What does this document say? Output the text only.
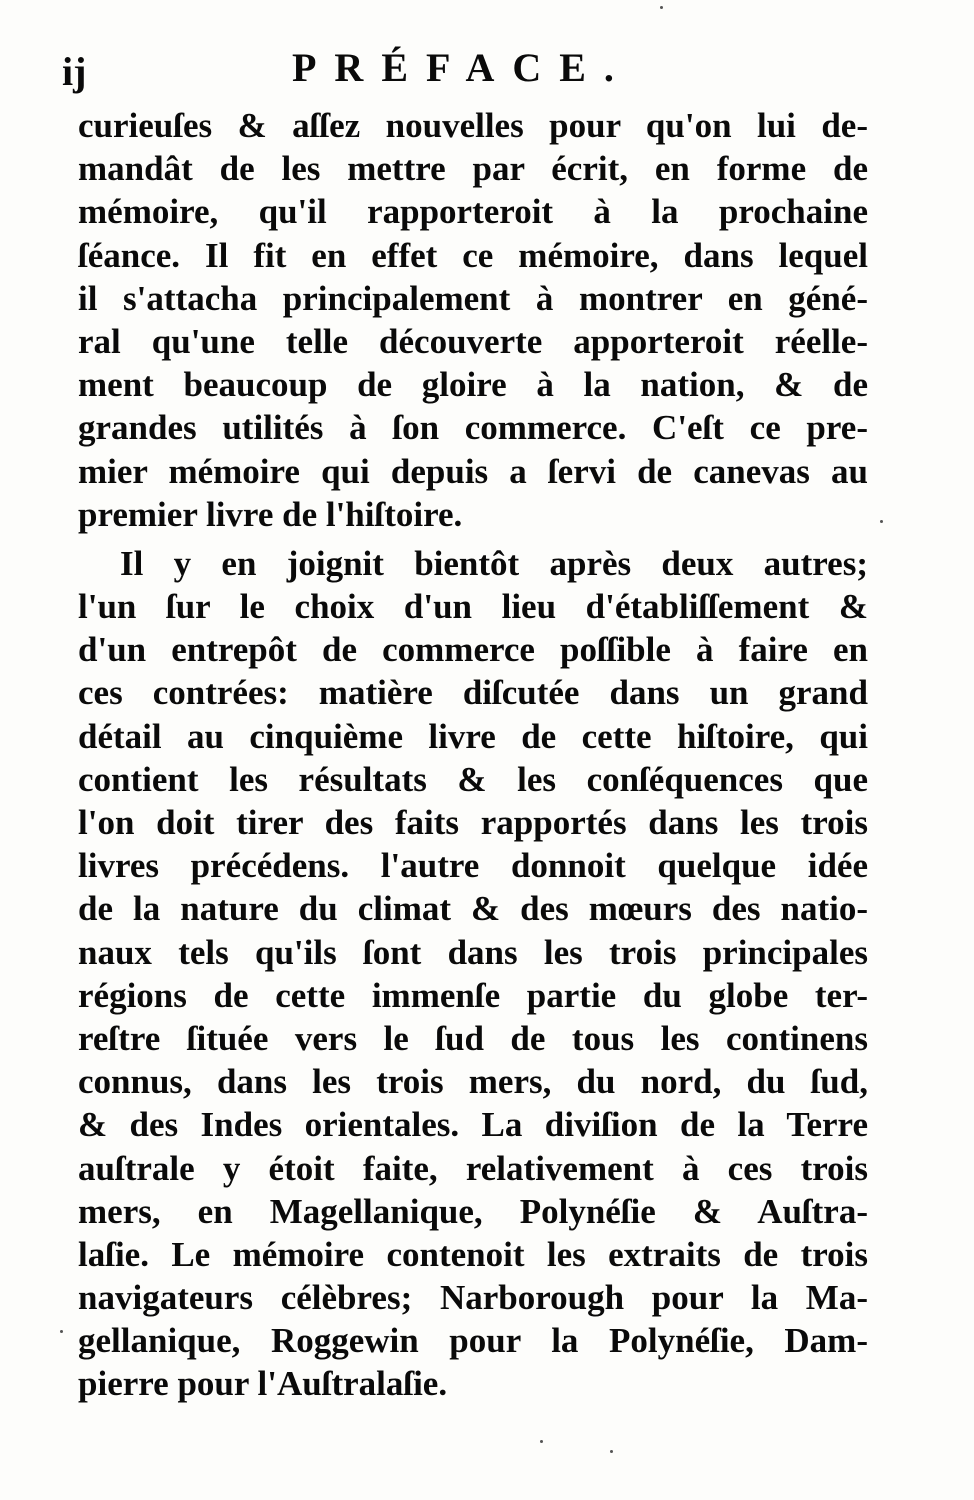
ij	PRÉFACE.
curieuſes & aſſez nouvelles pour qu'on lui de-
mandât de les mettre par écrit, en forme de
mémoire, qu'il rapporteroit à la prochaine
ſéance. Il fit en effet ce mémoire, dans lequel
il s'attacha principalement à montrer en géné-
ral qu'une telle découverte apporteroit réelle-
ment beaucoup de gloire à la nation, & de
grandes utilités à ſon commerce. C'eſt ce pre-
mier mémoire qui depuis a ſervi de canevas au
premier livre de l'hiſtoire.
Il y en joignit bientôt après deux autres;
l'un ſur le choix d'un lieu d'établiſſement &
d'un entrepôt de commerce poſſible à faire en
ces contrées: matière diſcutée dans un grand
détail au cinquième livre de cette hiſtoire, qui
contient les résultats & les conſéquences que
l'on doit tirer des faits rapportés dans les trois
livres précédens. l'autre donnoit quelque idée
de la nature du climat & des mœurs des natio-
naux tels qu'ils ſont dans les trois principales
régions de cette immenſe partie du globe ter-
reſtre ſituée vers le ſud de tous les continens
connus, dans les trois mers, du nord, du ſud,
& des Indes orientales. La diviſion de la Terre
auſtrale y étoit faite, relativement à ces trois
mers, en Magellanique, Polynéſie & Auſtra-
laſie. Le mémoire contenoit les extraits de trois
navigateurs célèbres; Narborough pour la Ma-
gellanique, Roggewin pour la Polynéſie, Dam-
pierre pour l'Auſtralaſie.
